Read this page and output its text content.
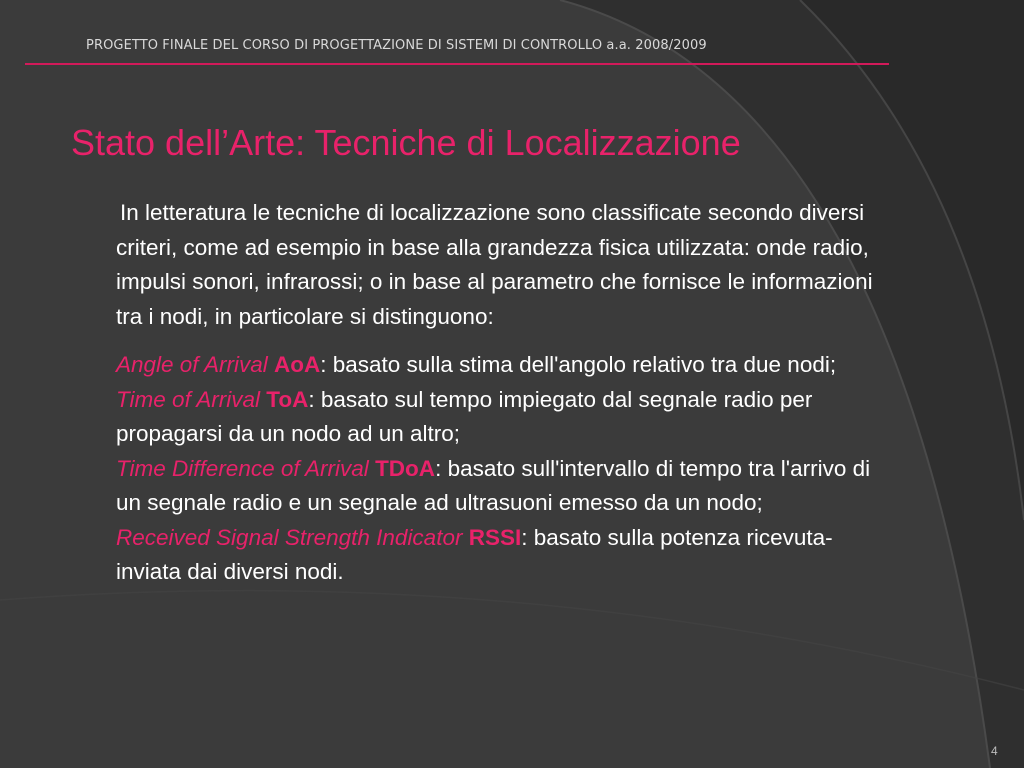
PROGETTO FINALE DEL CORSO DI PROGETTAZIONE DI SISTEMI DI CONTROLLO a.a. 2008/2009
Stato dell’Arte: Tecniche di Localizzazione

In letteratura le tecniche di localizzazione sono classificate secondo diversi criteri, come ad esempio in base alla grandezza fisica utilizzata: onde radio, impulsi sonori, infrarossi; o in base al parametro che fornisce le informazioni tra i nodi, in particolare si distinguono:

Angle of Arrival AoA: basato sulla stima dell'angolo relativo tra due nodi;

Time of Arrival ToA: basato sul tempo impiegato dal segnale radio per propagarsi da un nodo ad un altro;

Time Difference of Arrival TDoA: basato sull'intervallo di tempo tra l'arrivo di un segnale radio e un segnale ad ultrasuoni emesso da un nodo;

Received Signal Strength Indicator RSSI: basato sulla potenza ricevuta-inviata dai diversi nodi.

4
